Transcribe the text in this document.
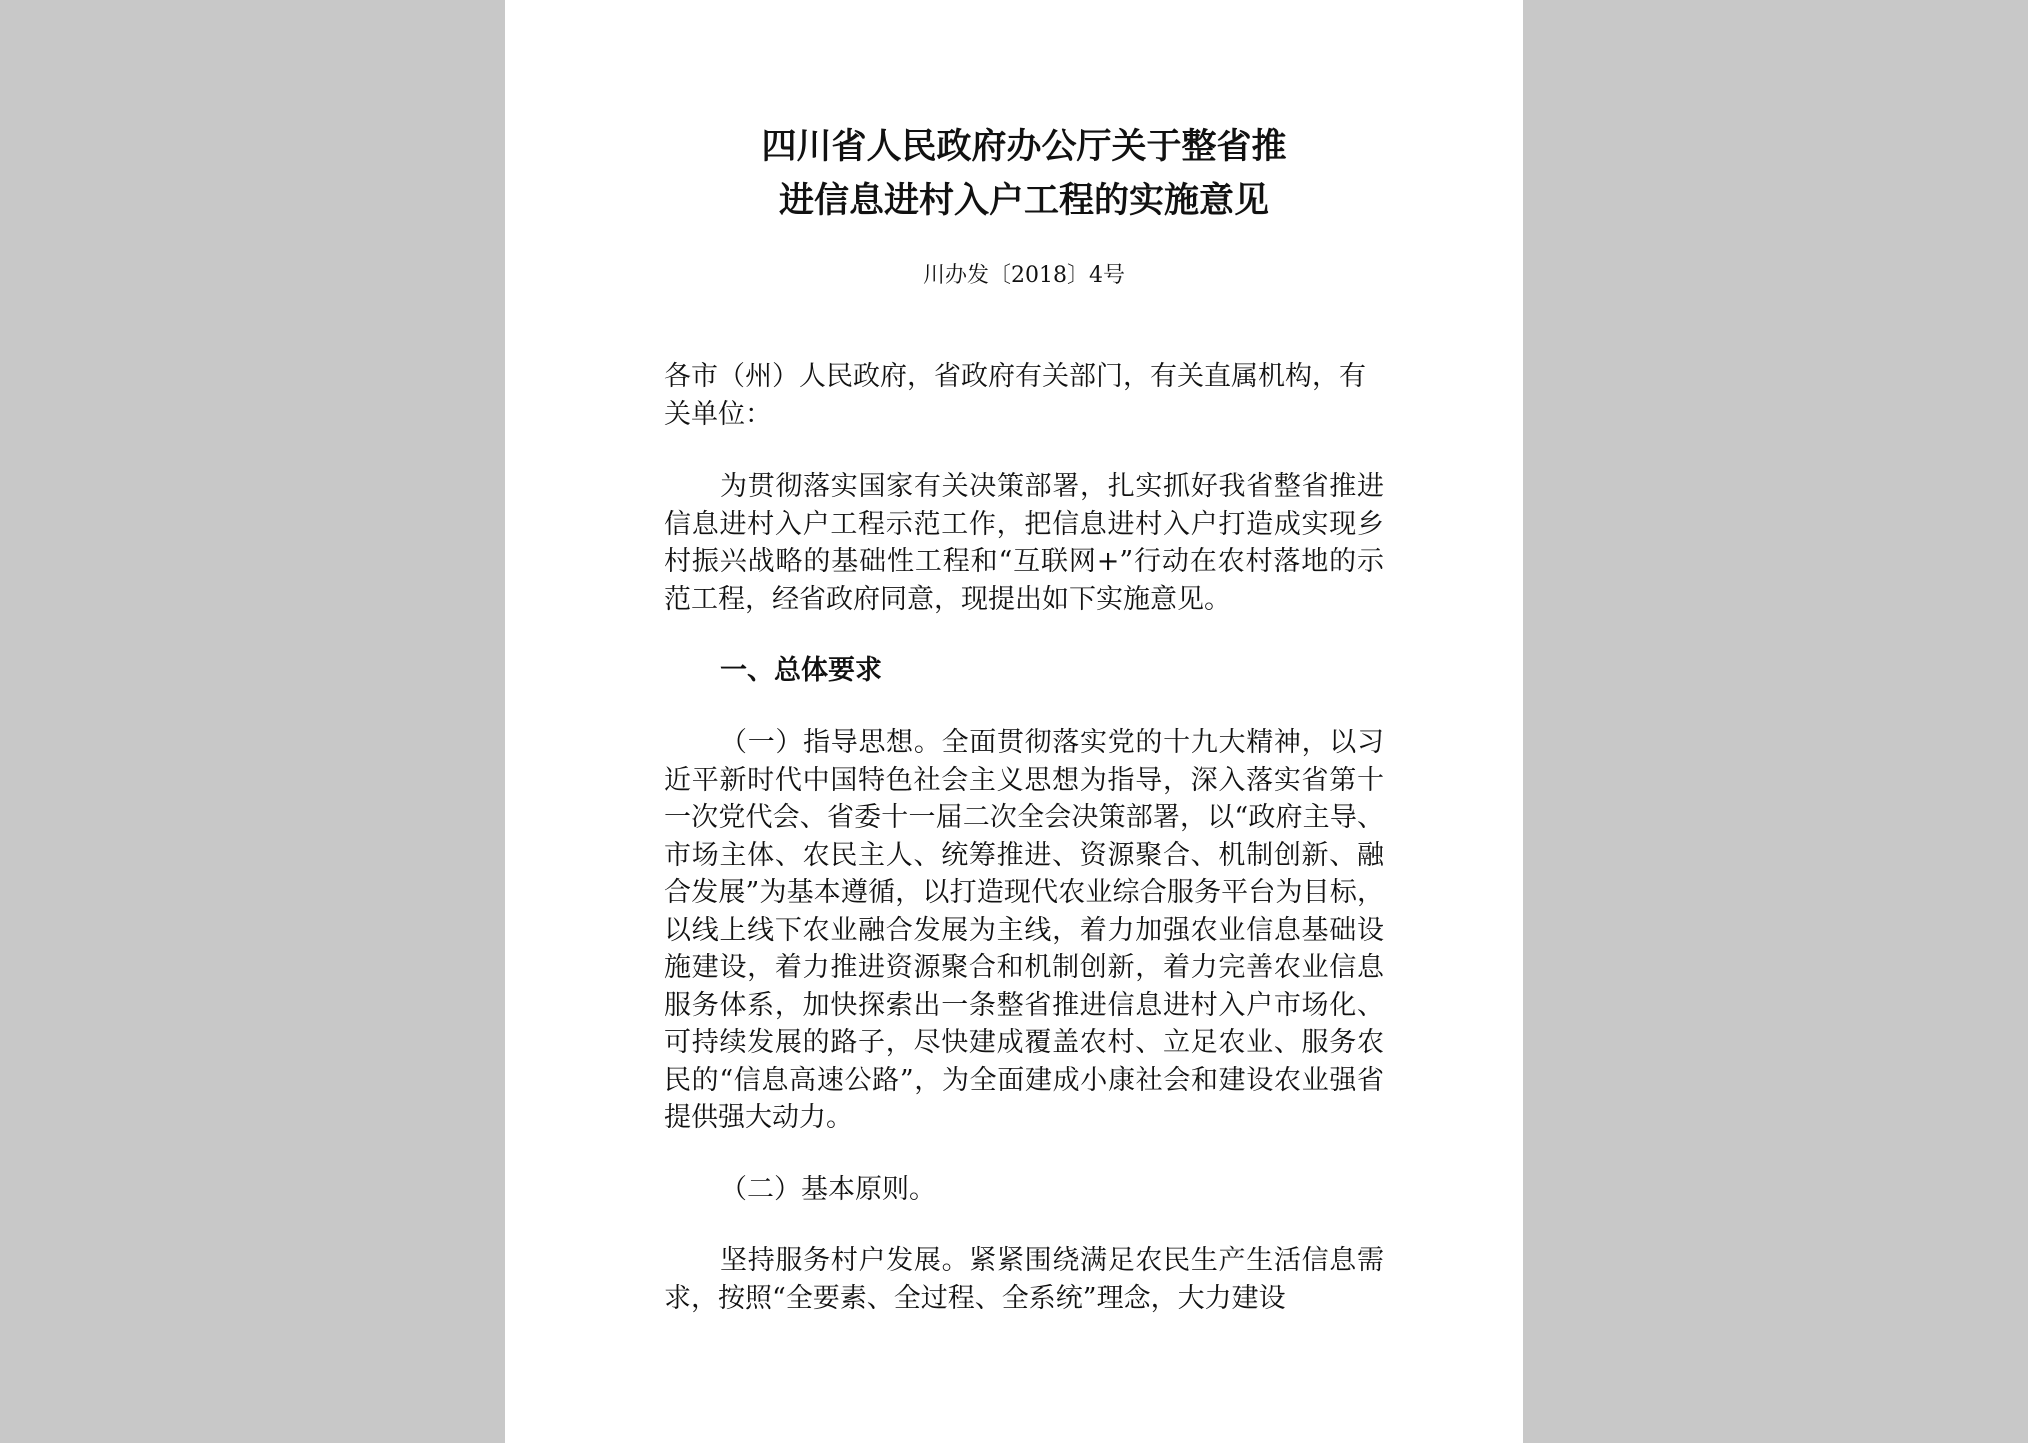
四川省人民政府办公厅关于整省推
进信息进村入户工程的实施意见
川办发〔2018〕4号
各市（州）人民政府，省政府有关部门，有关直属机构，有关单位：

为贯彻落实国家有关决策部署，扎实抓好我省整省推进信息进村入户工程示范工作，把信息进村入户打造成实现乡村振兴战略的基础性工程和“互联网+”行动在农村落地的示范工程，经省政府同意，现提出如下实施意见。

一、总体要求

（一）指导思想。全面贯彻落实党的十九大精神，以习近平新时代中国特色社会主义思想为指导，深入落实省第十一次党代会、省委十一届二次全会决策部署，以“政府主导、市场主体、农民主人、统筹推进、资源聚合、机制创新、融合发展”为基本遵循，以打造现代农业综合服务平台为目标，以线上线下农业融合发展为主线，着力加强农业信息基础设施建设，着力推进资源聚合和机制创新，着力完善农业信息服务体系，加快探索出一条整省推进信息进村入户市场化、可持续发展的路子，尽快建成覆盖农村、立足农业、服务农民的“信息高速公路”，为全面建成小康社会和建设农业强省提供强大动力。

（二）基本原则。

坚持服务村户发展。紧紧围绕满足农民生产生活信息需求，按照“全要素、全过程、全系统”理念，大力建设
